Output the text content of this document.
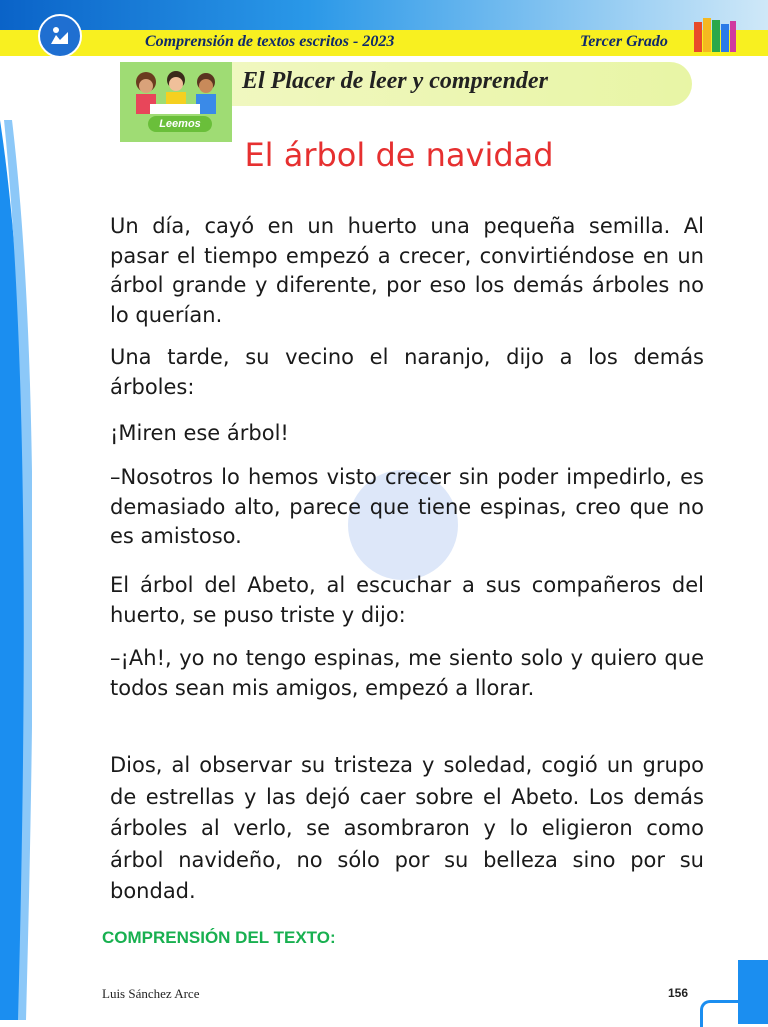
Comprensión de textos escritos - 2023	Tercer Grado
Leemos
El Placer de leer y comprender
El árbol de navidad

Un día, cayó en un huerto una pequeña semilla. Al pasar el tiempo empezó a crecer, convirtiéndose en un árbol grande y diferente, por eso los demás árboles no lo querían.

Una tarde, su vecino el naranjo, dijo a los demás árboles:

¡Miren ese árbol!

–Nosotros lo hemos visto crecer sin poder impedirlo, es demasiado alto, parece que tiene espinas, creo que no es amistoso.

El árbol del Abeto, al escuchar a sus compañeros del huerto, se puso triste y dijo:

–¡Ah!, yo no tengo espinas, me siento solo y quiero que todos sean mis amigos, empezó a llorar.

Dios, al observar su tristeza y soledad, cogió un grupo de estrellas y las dejó caer sobre el Abeto. Los demás árboles al verlo, se asombraron y lo eligieron como árbol navideño, no sólo por su belleza sino por su bondad.

COMPRENSIÓN DEL TEXTO:
Luis Sánchez Arce	156
